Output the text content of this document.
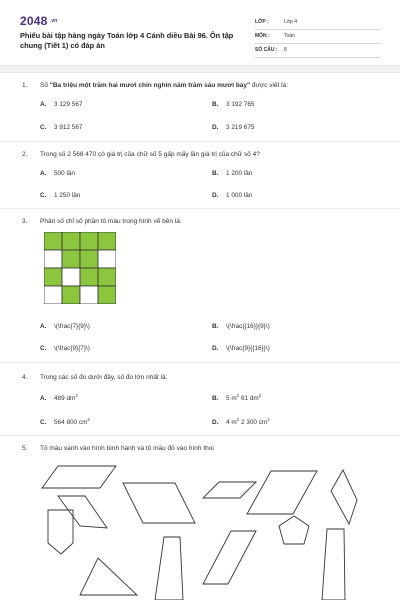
2048 .vn
Phiếu bài tập hàng ngày Toán lớp 4 Cánh diều Bài 96. Ôn tập chung (Tiết 1) có đáp án
LỚP :	Lớp 4
MÔN :	Toán
SỐ CÂU : 8
1. Số "Ba triệu một trăm hai mươi chín nghìn năm trăm sáu mươi bảy" được viết là:
A. 3 129 567	B. 3 192 765
C. 3 912 567	D. 3 219 675
2. Trong số 2 568 470 có giá trị của chữ số 5 gấp mấy lần giá trị của chữ số 4?
A. 500 lần	B. 1 200 lần
C. 1 250 lần	D. 1 000 lần
3. Phân số chỉ số phần tô màu trong hình vẽ bên là:
A. \(\frac{7}{9}\)	B. \(\frac{{16}}{9}\)
C. \(\frac{9}{7}\)	D. \(\frac{9}{{16}}\)
4. Trong các số đo dưới đây, số đo lớn nhất là:
A. 489 $dm^2$	B. 5 $m^2$ 61 $dm^2$
C. 564 800 $cm^2$	D. 4 $m^2$ 2 300 $cm^2$
5. Tô màu xanh vào hình bình hành và tô màu đỏ vào hình thoi
